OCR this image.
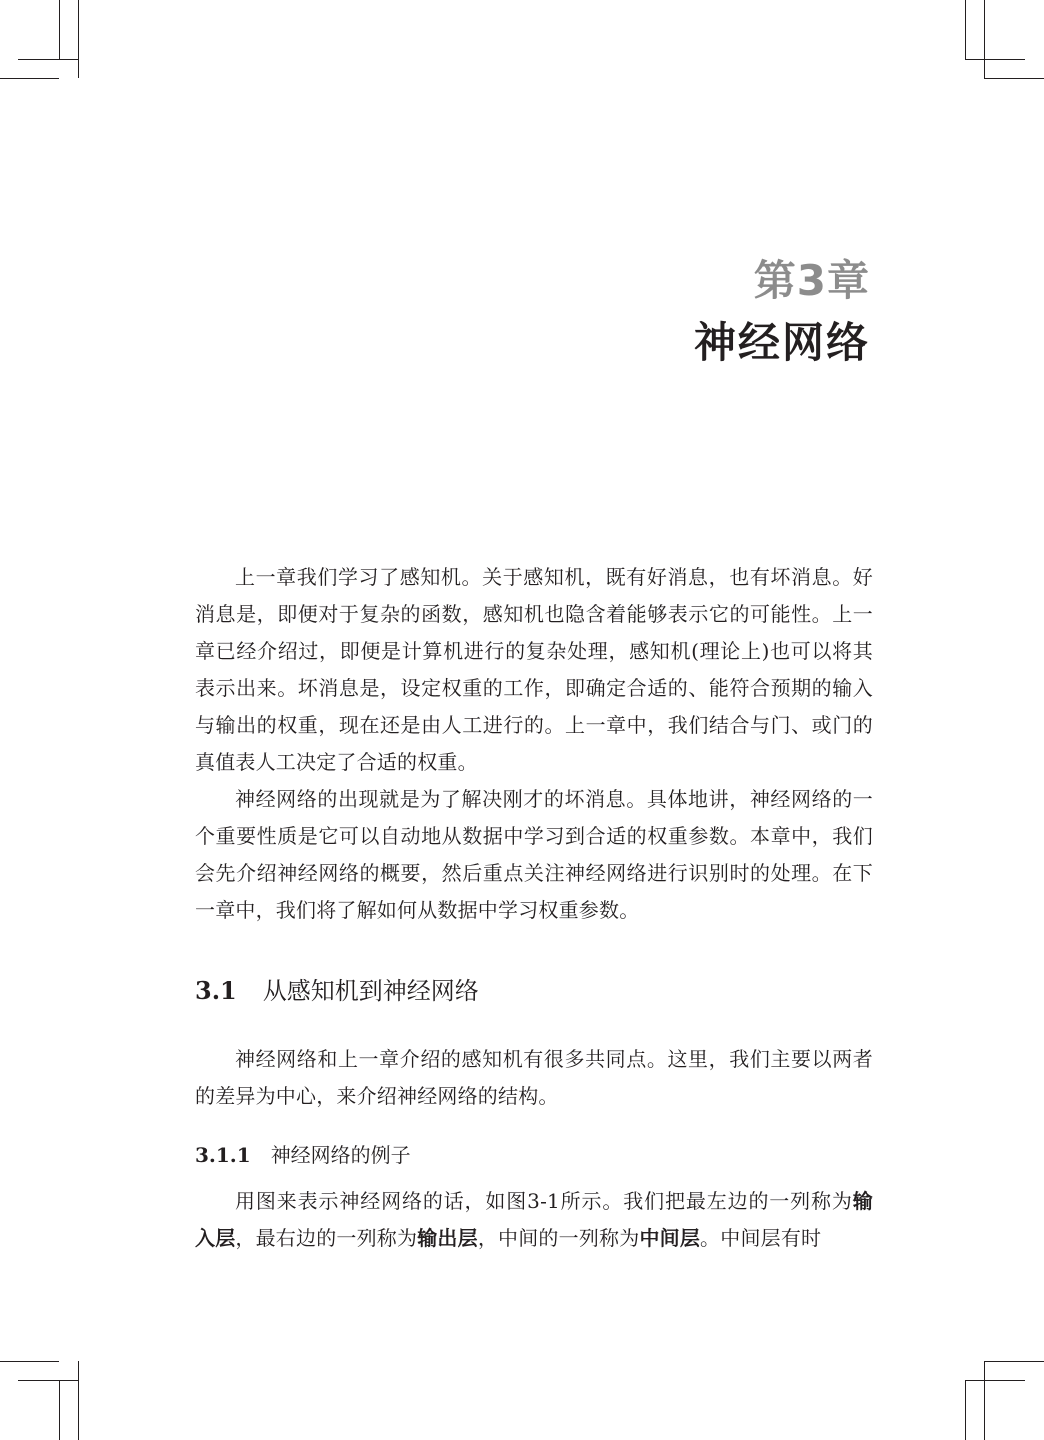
第3章
神经网络

上一章我们学习了感知机。关于感知机，既有好消息，也有坏消息。好消息是，即便对于复杂的函数，感知机也隐含着能够表示它的可能性。上一章已经介绍过，即便是计算机进行的复杂处理，感知机(理论上)也可以将其表示出来。坏消息是，设定权重的工作，即确定合适的、能符合预期的输入与输出的权重，现在还是由人工进行的。上一章中，我们结合与门、或门的真值表人工决定了合适的权重。

神经网络的出现就是为了解决刚才的坏消息。具体地讲，神经网络的一个重要性质是它可以自动地从数据中学习到合适的权重参数。本章中，我们会先介绍神经网络的概要，然后重点关注神经网络进行识别时的处理。在下一章中，我们将了解如何从数据中学习权重参数。

3.1 从感知机到神经网络

神经网络和上一章介绍的感知机有很多共同点。这里，我们主要以两者的差异为中心，来介绍神经网络的结构。

3.1.1 神经网络的例子

用图来表示神经网络的话，如图3-1所示。我们把最左边的一列称为输入层，最右边的一列称为输出层，中间的一列称为中间层。中间层有时
